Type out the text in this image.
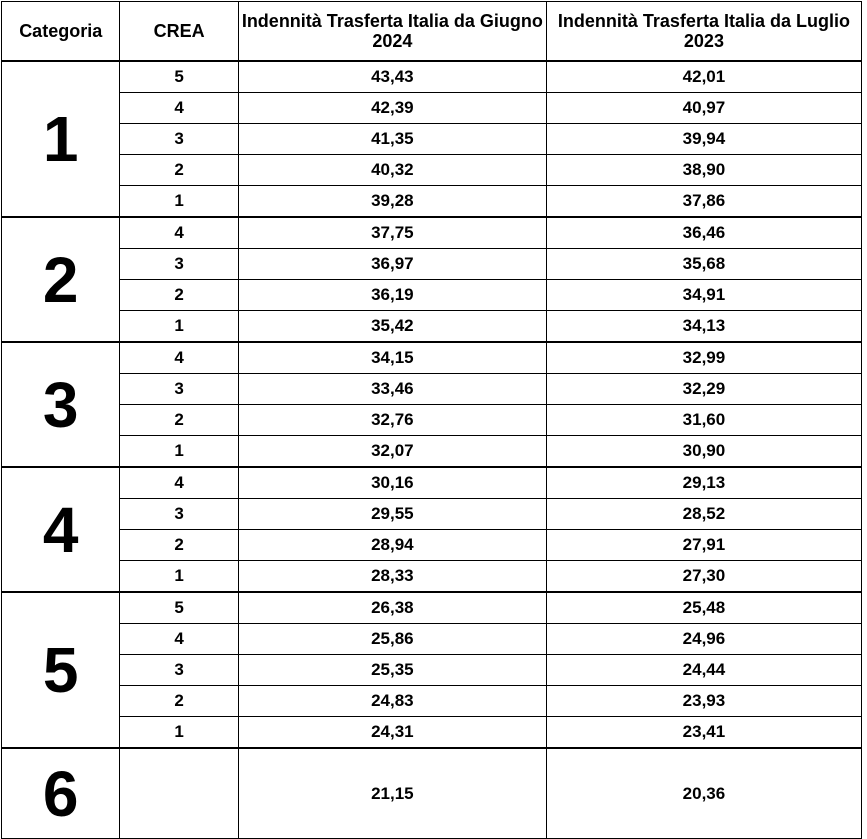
Categoria	CREA	Indennità Trasferta Italia da Giugno 2024	Indennità Trasferta Italia da Luglio 2023
1	5	43,43	42,01
	4	42,39	40,97
	3	41,35	39,94
	2	40,32	38,90
	1	39,28	37,86
2	4	37,75	36,46
	3	36,97	35,68
	2	36,19	34,91
	1	35,42	34,13
3	4	34,15	32,99
	3	33,46	32,29
	2	32,76	31,60
	1	32,07	30,90
4	4	30,16	29,13
	3	29,55	28,52
	2	28,94	27,91
	1	28,33	27,30
5	5	26,38	25,48
	4	25,86	24,96
	3	25,35	24,44
	2	24,83	23,93
	1	24,31	23,41
6		21,15	20,36
